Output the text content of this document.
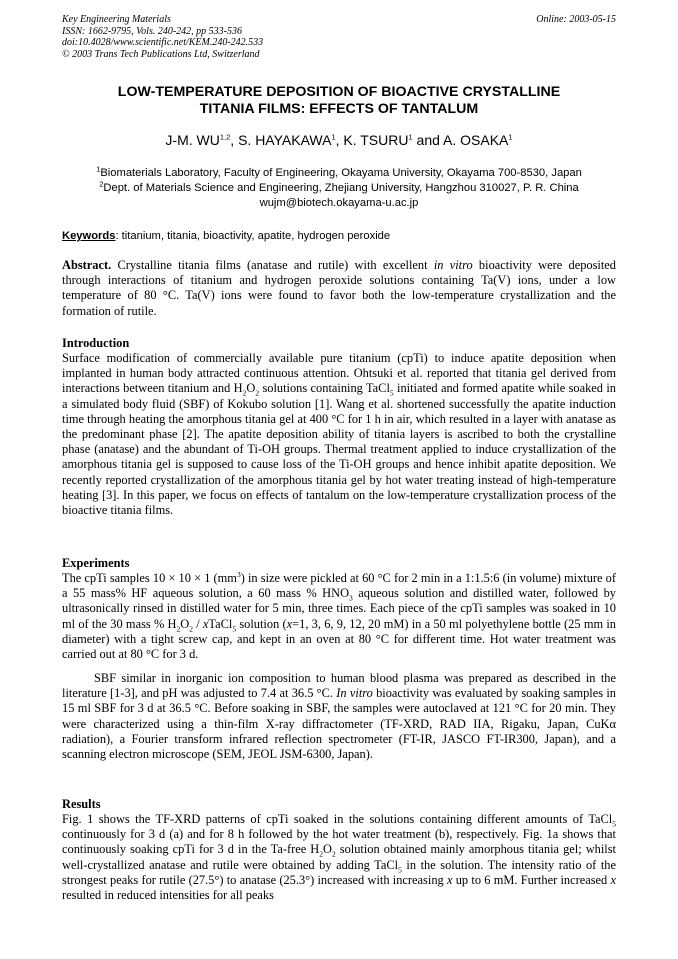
Key Engineering Materials
ISSN: 1662-9795, Vols. 240-242, pp 533-536
doi:10.4028/www.scientific.net/KEM.240-242.533
© 2003 Trans Tech Publications Ltd, Switzerland
Online: 2003-05-15
LOW-TEMPERATURE DEPOSITION OF BIOACTIVE CRYSTALLINE
TITANIA FILMS: EFFECTS OF TANTALUM
J-M. WU$^{1,2}$, S. HAYAKAWA$^1$, K. TSURU$^1$ and A. OSAKA$^1$
$^1$Biomaterials Laboratory, Faculty of Engineering, Okayama University, Okayama 700-8530, Japan
$^2$Dept. of Materials Science and Engineering, Zhejiang University, Hangzhou 310027, P. R. China
wujm@biotech.okayama-u.ac.jp
Keywords: titanium, titania, bioactivity, apatite, hydrogen peroxide
Abstract. Crystalline titania films (anatase and rutile) with excellent in vitro bioactivity were deposited through interactions of titanium and hydrogen peroxide solutions containing Ta(V) ions, under a low temperature of 80 °C. Ta(V) ions were found to favor both the low-temperature crystallization and the formation of rutile.
Introduction
Surface modification of commercially available pure titanium (cpTi) to induce apatite deposition when implanted in human body attracted continuous attention. Ohtsuki et al. reported that titania gel derived from interactions between titanium and $H_2O_2$ solutions containing TaCl$_5$ initiated and formed apatite while soaked in a simulated body fluid (SBF) of Kokubo solution [1]. Wang et al. shortened successfully the apatite induction time through heating the amorphous titania gel at 400 °C for 1 h in air, which resulted in a layer with anatase as the predominant phase [2]. The apatite deposition ability of titania layers is ascribed to both the crystalline phase (anatase) and the abundant of Ti-OH groups. Thermal treatment applied to induce crystallization of the amorphous titania gel is supposed to cause loss of the Ti-OH groups and hence inhibit apatite deposition. We recently reported crystallization of the amorphous titania gel by hot water treating instead of high-temperature heating [3]. In this paper, we focus on effects of tantalum on the low-temperature crystallization process of the bioactive titania films.
Experiments
The cpTi samples 10 × 10 × 1 $(mm^3)$ in size were pickled at 60 °C for 2 min in a 1:1.5:6 (in volume) mixture of a 55 mass% HF aqueous solution, a 60 mass % $HNO_3$ aqueous solution and distilled water, followed by ultrasonically rinsed in distilled water for 5 min, three times. Each piece of the cpTi samples was soaked in 10 ml of the 30 mass % $H_2O_2$ / xTaCl$_5$ solution (x=1, 3, 6, 9, 12, 20 mM) in a 50 ml polyethylene bottle (25 mm in diameter) with a tight screw cap, and kept in an oven at 80 °C for different time. Hot water treatment was carried out at 80 °C for 3 d.
SBF similar in inorganic ion composition to human blood plasma was prepared as described in the literature [1-3], and pH was adjusted to 7.4 at 36.5 °C. In vitro bioactivity was evaluated by soaking samples in 15 ml SBF for 3 d at 36.5 °C. Before soaking in SBF, the samples were autoclaved at 121 °C for 20 min. They were characterized using a thin-film X-ray diffractometer (TF-XRD, RAD IIA, Rigaku, Japan, CuKα radiation), a Fourier transform infrared reflection spectrometer (FT-IR, JASCO FT-IR300, Japan), and a scanning electron microscope (SEM, JEOL JSM-6300, Japan).
Results
Fig. 1 shows the TF-XRD patterns of cpTi soaked in the solutions containing different amounts of TaCl$_5$ continuously for 3 d (a) and for 8 h followed by the hot water treatment (b), respectively. Fig. 1a shows that continuously soaking cpTi for 3 d in the Ta-free $H_2O_2$ solution obtained mainly amorphous titania gel; whilst well-crystallized anatase and rutile were obtained by adding TaCl$_5$ in the solution. The intensity ratio of the strongest peaks for rutile (27.5°) to anatase (25.3°) increased with increasing x up to 6 mM. Further increased x resulted in reduced intensities for all peaks
